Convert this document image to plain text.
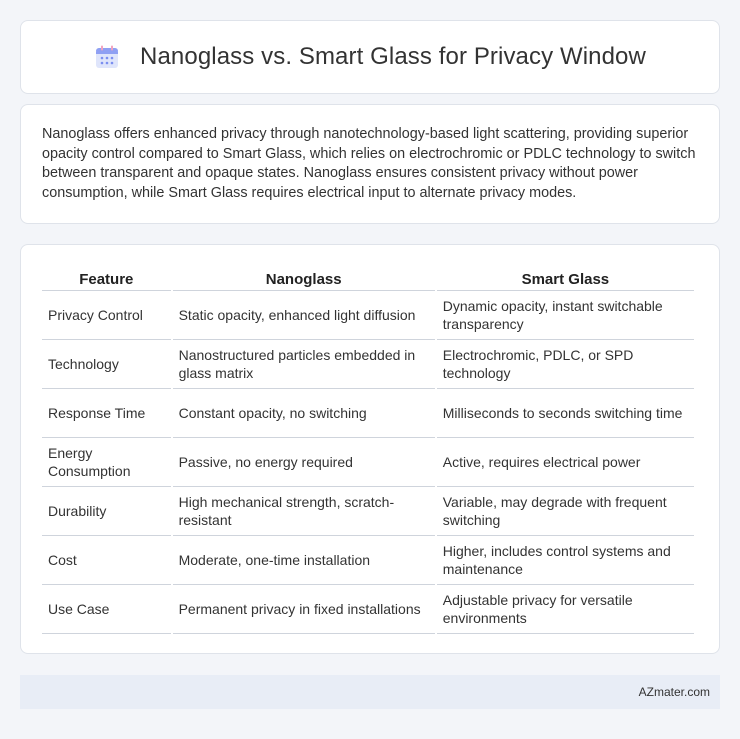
Nanoglass vs. Smart Glass for Privacy Window

Nanoglass offers enhanced privacy through nanotechnology-based light scattering, providing superior opacity control compared to Smart Glass, which relies on electrochromic or PDLC technology to switch between transparent and opaque states. Nanoglass ensures consistent privacy without power consumption, while Smart Glass requires electrical input to alternate privacy modes.

Feature	Nanoglass	Smart Glass
Privacy Control	Static opacity, enhanced light diffusion	Dynamic opacity, instant switchable transparency
Technology	Nanostructured particles embedded in glass matrix	Electrochromic, PDLC, or SPD technology
Response Time	Constant opacity, no switching	Milliseconds to seconds switching time
Energy Consumption	Passive, no energy required	Active, requires electrical power
Durability	High mechanical strength, scratch-resistant	Variable, may degrade with frequent switching
Cost	Moderate, one-time installation	Higher, includes control systems and maintenance
Use Case	Permanent privacy in fixed installations	Adjustable privacy for versatile environments
AZmater.com
